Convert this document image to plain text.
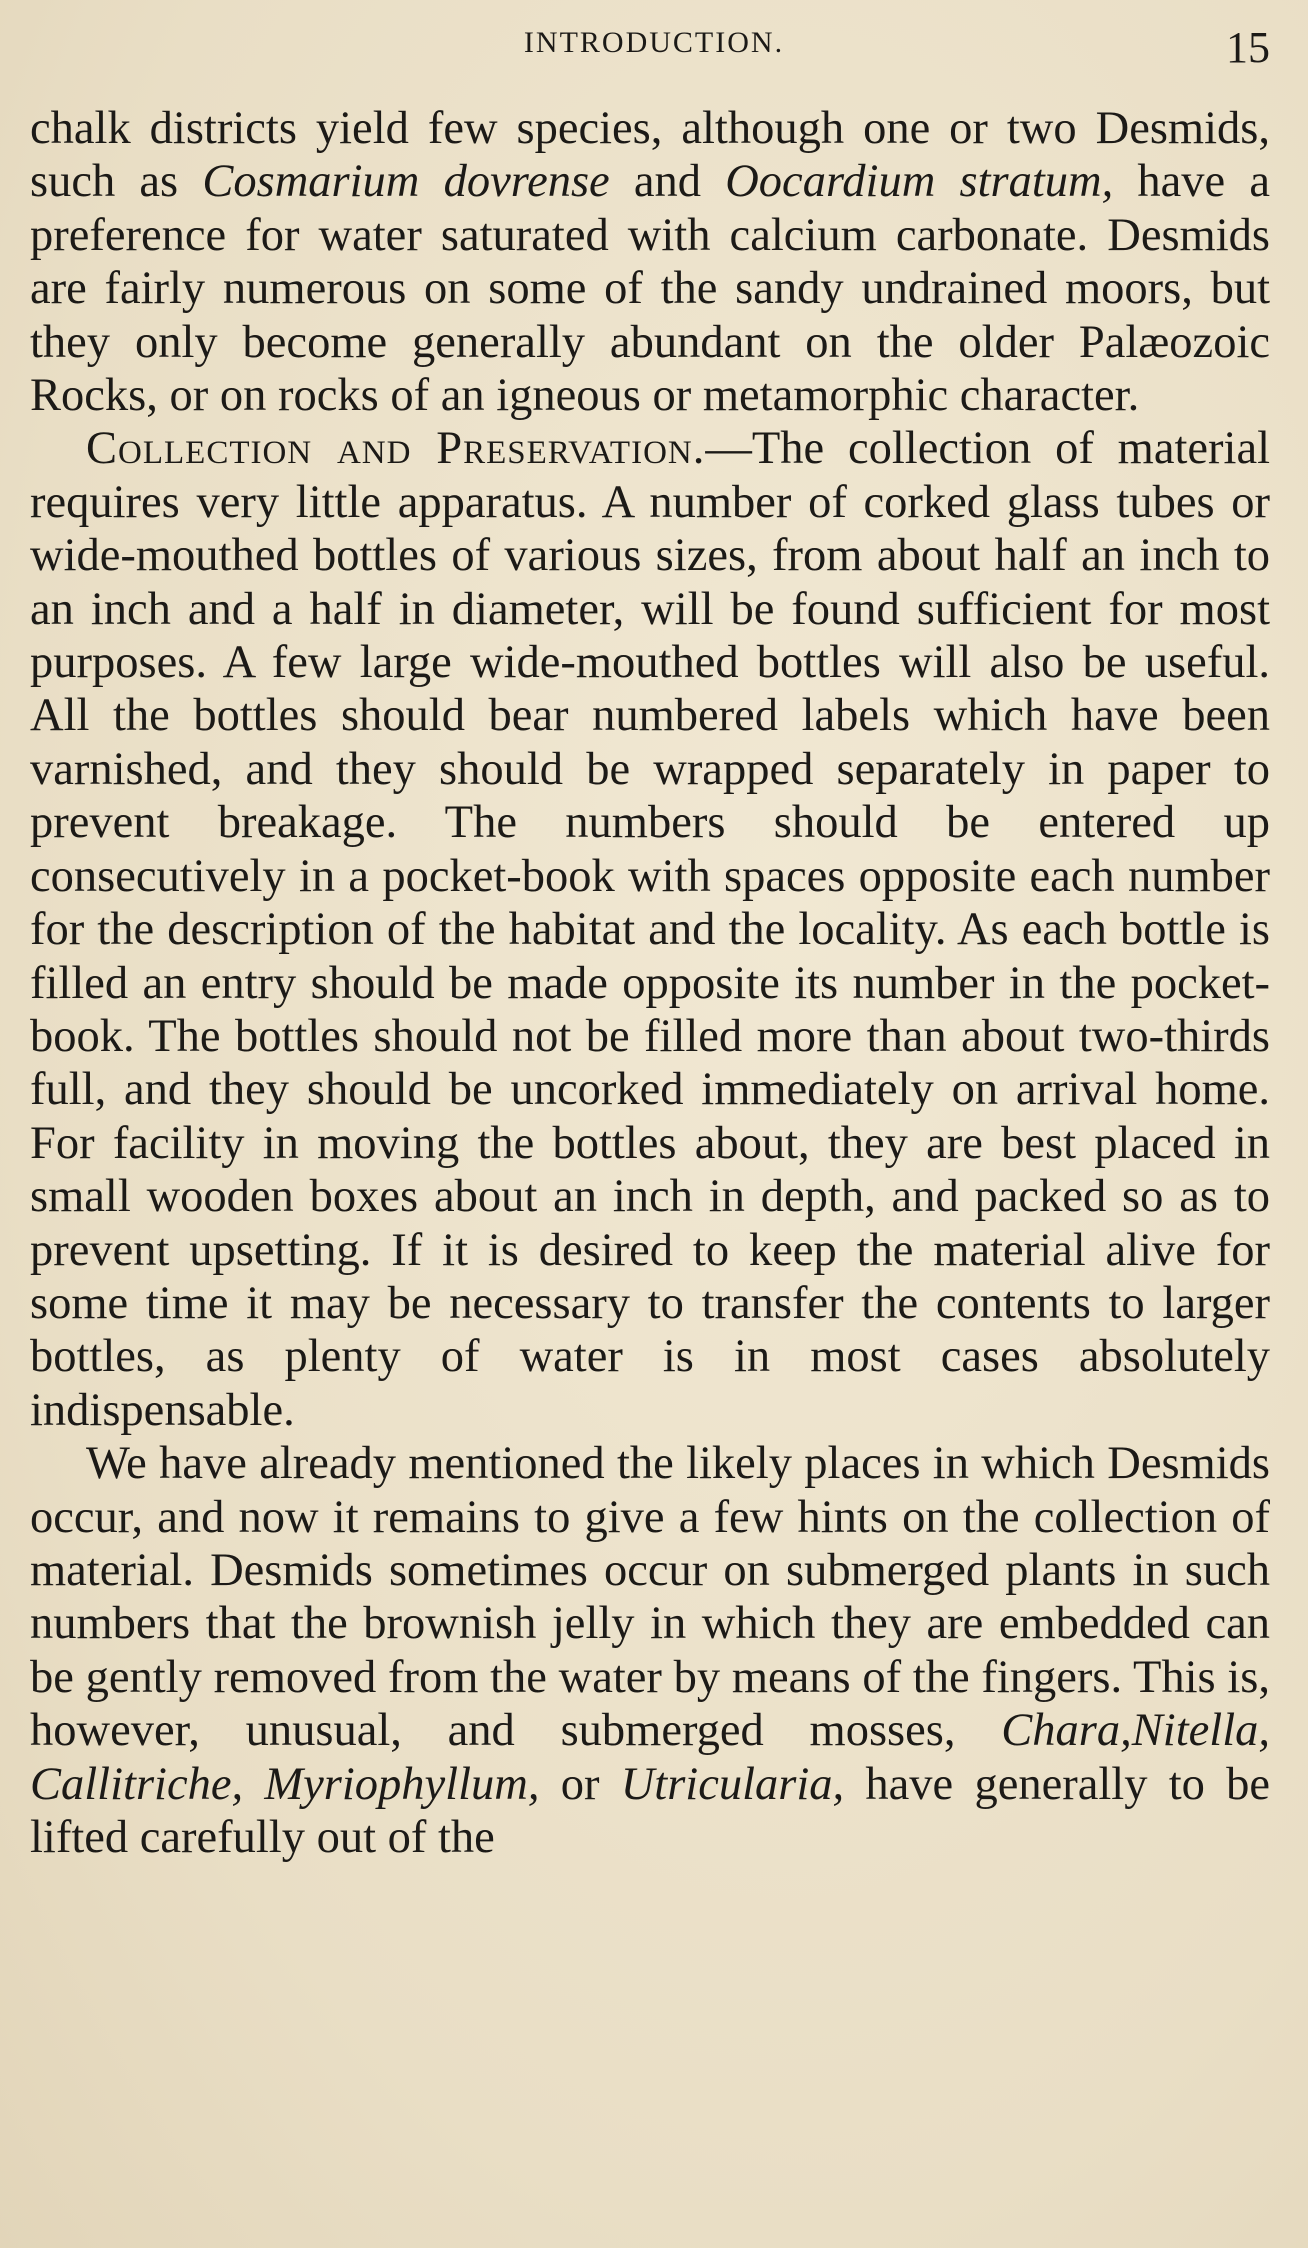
INTRODUCTION.	15

chalk districts yield few species, although one or two Desmids, such as Cosmarium dovrense and Oocardium stratum, have a preference for water saturated with calcium carbonate. Desmids are fairly numerous on some of the sandy undrained moors, but they only become generally abundant on the older Palæozoic Rocks, or on rocks of an igneous or metamorphic character.

Collection and Preservation.—The collection of material requires very little apparatus. A number of corked glass tubes or wide-mouthed bottles of various sizes, from about half an inch to an inch and a half in diameter, will be found sufficient for most purposes. A few large wide-mouthed bottles will also be useful. All the bottles should bear numbered labels which have been varnished, and they should be wrapped separately in paper to prevent breakage. The numbers should be entered up consecutively in a pocket-book with spaces opposite each number for the description of the habitat and the locality. As each bottle is filled an entry should be made opposite its number in the pocket-book. The bottles should not be filled more than about two-thirds full, and they should be uncorked immediately on arrival home. For facility in moving the bottles about, they are best placed in small wooden boxes about an inch in depth, and packed so as to prevent upsetting. If it is desired to keep the material alive for some time it may be necessary to transfer the contents to larger bottles, as plenty of water is in most cases absolutely indispensable.

We have already mentioned the likely places in which Desmids occur, and now it remains to give a few hints on the collection of material. Desmids sometimes occur on submerged plants in such numbers that the brownish jelly in which they are embedded can be gently removed from the water by means of the fingers. This is, however, unusual, and submerged mosses, Chara,Nitella, Callitriche, Myriophyllum, or Utricularia, have generally to be lifted carefully out of the
